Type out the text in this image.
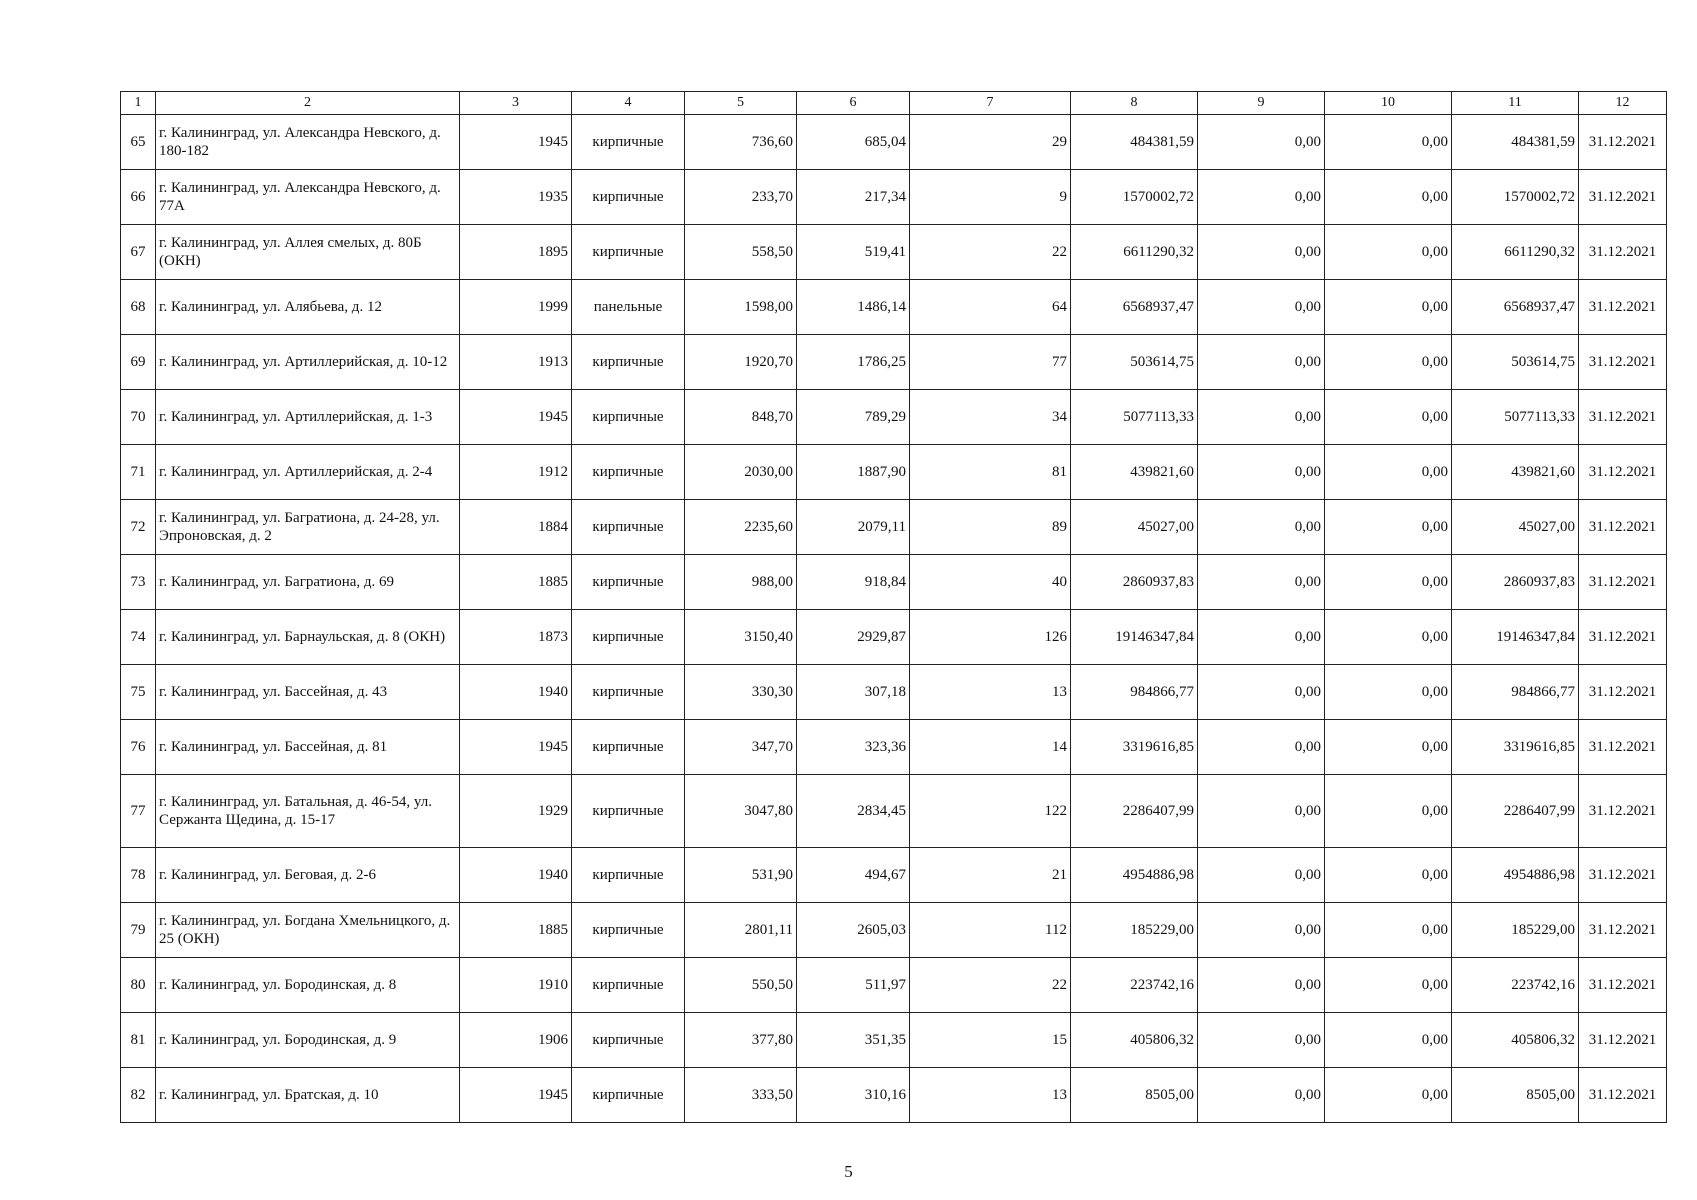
1	2	3	4	5	6	7	8	9	10	11	12
65	г. Калининград, ул. Александра Невского, д. 180-182	1945	кирпичные	736,60	685,04	29	484381,59	0,00	0,00	484381,59	31.12.2021
66	г. Калининград, ул. Александра Невского, д. 77А	1935	кирпичные	233,70	217,34	9	1570002,72	0,00	0,00	1570002,72	31.12.2021
67	г. Калининград, ул. Аллея смелых, д. 80Б (ОКН)	1895	кирпичные	558,50	519,41	22	6611290,32	0,00	0,00	6611290,32	31.12.2021
68	г. Калининград, ул. Алябьева, д. 12	1999	панельные	1598,00	1486,14	64	6568937,47	0,00	0,00	6568937,47	31.12.2021
69	г. Калининград, ул. Артиллерийская, д. 10-12	1913	кирпичные	1920,70	1786,25	77	503614,75	0,00	0,00	503614,75	31.12.2021
70	г. Калининград, ул. Артиллерийская, д. 1-3	1945	кирпичные	848,70	789,29	34	5077113,33	0,00	0,00	5077113,33	31.12.2021
71	г. Калининград, ул. Артиллерийская, д. 2-4	1912	кирпичные	2030,00	1887,90	81	439821,60	0,00	0,00	439821,60	31.12.2021
72	г. Калининград, ул. Багратиона, д. 24-28, ул. Эпроновская, д. 2	1884	кирпичные	2235,60	2079,11	89	45027,00	0,00	0,00	45027,00	31.12.2021
73	г. Калининград, ул. Багратиона, д. 69	1885	кирпичные	988,00	918,84	40	2860937,83	0,00	0,00	2860937,83	31.12.2021
74	г. Калининград, ул. Барнаульская, д. 8 (ОКН)	1873	кирпичные	3150,40	2929,87	126	19146347,84	0,00	0,00	19146347,84	31.12.2021
75	г. Калининград, ул. Бассейная, д. 43	1940	кирпичные	330,30	307,18	13	984866,77	0,00	0,00	984866,77	31.12.2021
76	г. Калининград, ул. Бассейная, д. 81	1945	кирпичные	347,70	323,36	14	3319616,85	0,00	0,00	3319616,85	31.12.2021
77	г. Калининград, ул. Батальная, д. 46-54, ул. Сержанта Щедина, д. 15-17	1929	кирпичные	3047,80	2834,45	122	2286407,99	0,00	0,00	2286407,99	31.12.2021
78	г. Калининград, ул. Беговая, д. 2-6	1940	кирпичные	531,90	494,67	21	4954886,98	0,00	0,00	4954886,98	31.12.2021
79	г. Калининград, ул. Богдана Хмельницкого, д. 25 (ОКН)	1885	кирпичные	2801,11	2605,03	112	185229,00	0,00	0,00	185229,00	31.12.2021
80	г. Калининград, ул. Бородинская, д. 8	1910	кирпичные	550,50	511,97	22	223742,16	0,00	0,00	223742,16	31.12.2021
81	г. Калининград, ул. Бородинская, д. 9	1906	кирпичные	377,80	351,35	15	405806,32	0,00	0,00	405806,32	31.12.2021
82	г. Калининград, ул. Братская, д. 10	1945	кирпичные	333,50	310,16	13	8505,00	0,00	0,00	8505,00	31.12.2021
5
